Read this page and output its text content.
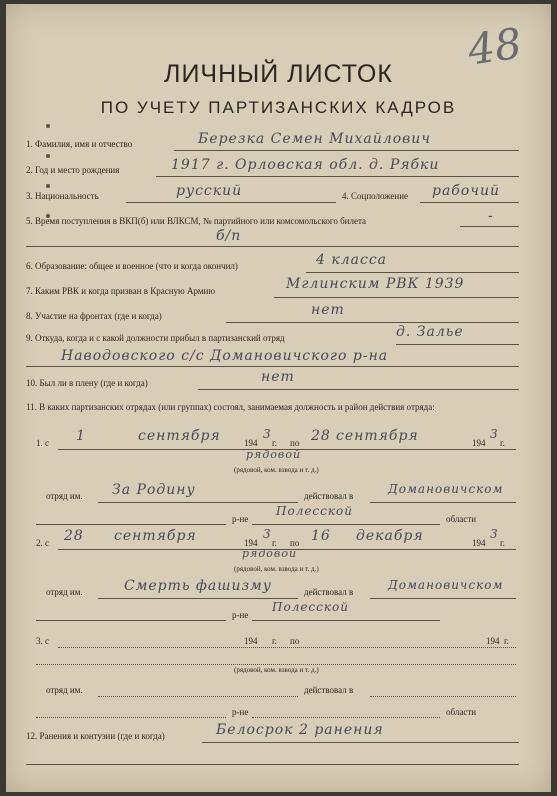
48
ЛИЧНЫЙ ЛИСТОК
ПО УЧЕТУ ПАРТИЗАНСКИХ КАДРОВ
1. Фамилия, имя и отчество	Березка Семен Михайлович
2. Год и место рождения	1917 г. Орловская обл. д. Рябки
3. Национальность	русский	4. Соцположение рабочий
5. Время поступления в ВКП(б) или ВЛКСМ, № партийного или комсомольского билета	-
б/п
6. Образование: общее и военное (что и когда окончил)	4 класса
7. Каким РВК и когда призван в Красную Армию	Мглинским РВК 1939
8. Участие на фронтах (где и когда)	нет
9. Откуда, когда и с какой должности прибыл в партизанский отряд	д. Залье
Наводовского с/с Домановичского р-на
10. Был ли в плену (где и когда)	нет
11. В каких партизанских отрядах (или группах) состоял, занимаемая должность и район действия отряда:
1. с 1	сентября	194
3
г. по 28 сентября	194
3
г.
рядовой
(рядовой, ком. взвода и т. д.)
отряд им. За Родину	действовал в	Домановичском
р-не
Полесской
области
2. с 28 сентября	194
3
г. по 16 декабря	194
3
г.
рядовой
(рядовой, ком. взвода и т. д.)
отряд им.	Смерть фашизму	действовал в	Домановичском
р-не
Полесской
3. с	194 г. по	194 г.
(рядовой, ком. взвода и т. д.)
отряд им.	действовал в
р-не	области
12. Ранения и контузии (где и когда)	Белосрок 2 ранения
